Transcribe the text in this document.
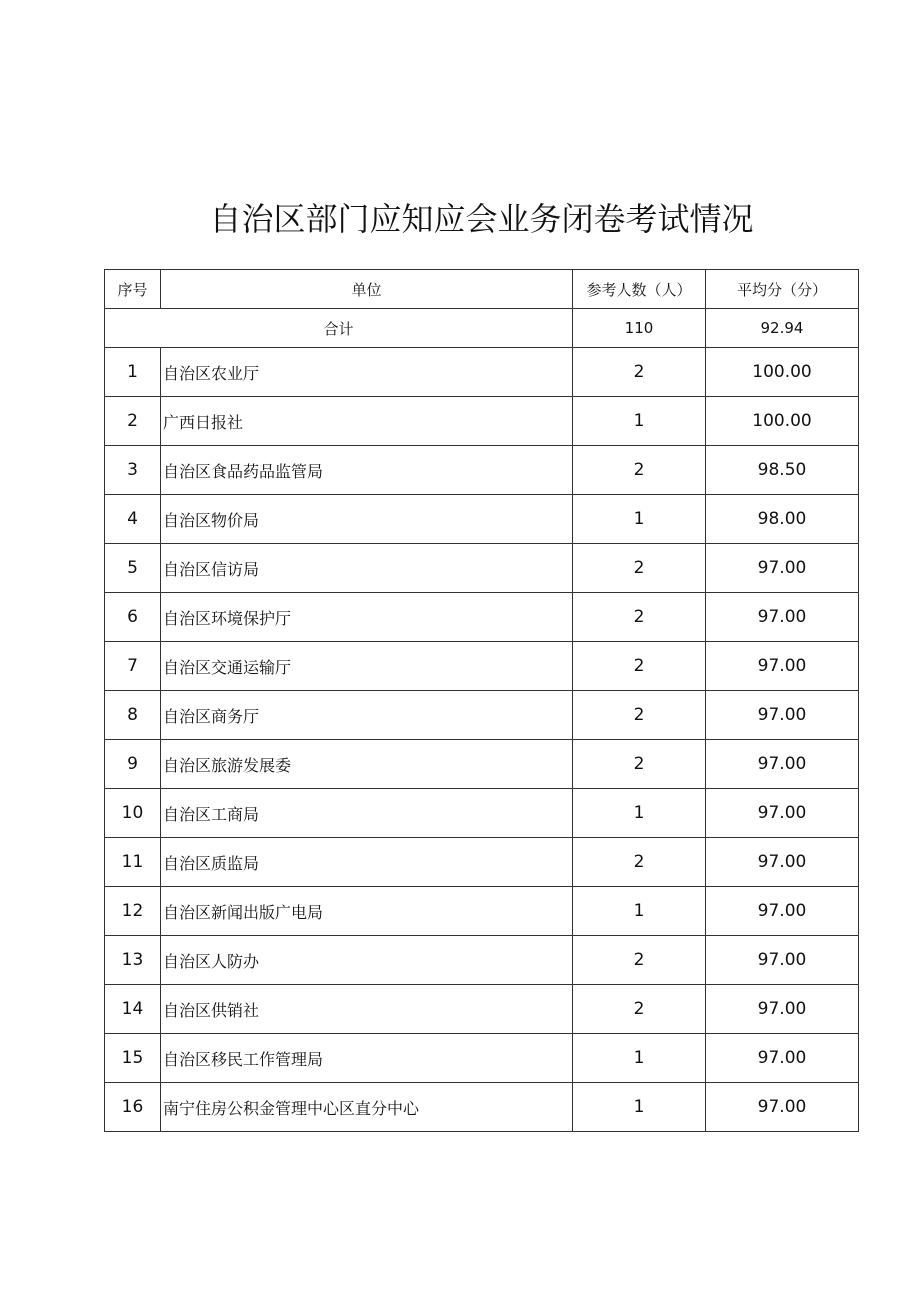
自治区部门应知应会业务闭卷考试情况
序号	单位	参考人数（人）	平均分（分）
合计		110	92.94
1	自治区农业厅	2	100.00
2	广西日报社	1	100.00
3	自治区食品药品监管局	2	98.50
4	自治区物价局	1	98.00
5	自治区信访局	2	97.00
6	自治区环境保护厅	2	97.00
7	自治区交通运输厅	2	97.00
8	自治区商务厅	2	97.00
9	自治区旅游发展委	2	97.00
10	自治区工商局	1	97.00
11	自治区质监局	2	97.00
12	自治区新闻出版广电局	1	97.00
13	自治区人防办	2	97.00
14	自治区供销社	2	97.00
15	自治区移民工作管理局	1	97.00
16	南宁住房公积金管理中心区直分中心	1	97.00
